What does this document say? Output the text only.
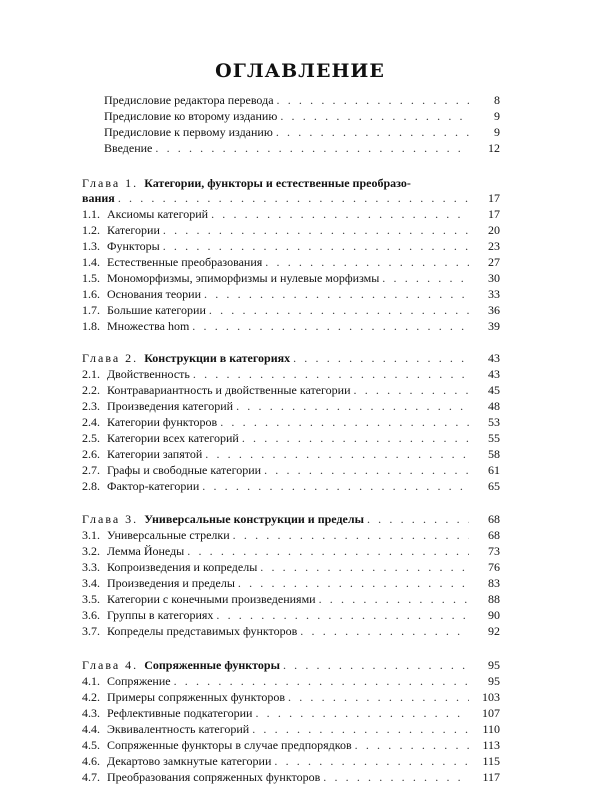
ОГЛАВЛЕНИЕ
Предисловие редактора перевода . . .	8
Предисловие ко второму изданию . . .	9
Предисловие к первому изданию . . .	9
Введение . . .	12
Глава 1. Категории, функторы и естественные преобразо-
вания . . .	17
1.1. Аксиомы категорий . . .	17
1.2. Категории . . .	20
1.3. Функторы . . .	23
1.4. Естественные преобразования . . .	27
1.5. Мономорфизмы, эпиморфизмы и нулевые морфизмы . . .	30
1.6. Основания теории . . .	33
1.7. Большие категории . . .	36
1.8. Множества hom . . .	39
Глава 2. Конструкции в категориях . . .	43
2.1. Двойственность . . .	43
2.2. Контравариантность и двойственные категории . . .	45
2.3. Произведения категорий . . .	48
2.4. Категории функторов . . .	53
2.5. Категории всех категорий . . .	55
2.6. Категории запятой . . .	58
2.7. Графы и свободные категории . . .	61
2.8. Фактор-категории . . .	65
Глава 3. Универсальные конструкции и пределы . . .	68
3.1. Универсальные стрелки . . .	68
3.2. Лемма Йонеды . . .	73
3.3. Копроизведения и копределы . . .	76
3.4. Произведения и пределы . . .	83
3.5. Категории с конечными произведениями . . .	88
3.6. Группы в категориях . . .	90
3.7. Копределы представимых функторов . . .	92
Глава 4. Сопряженные функторы . . .	95
4.1. Сопряжение . . .	95
4.2. Примеры сопряженных функторов . . .	103
4.3. Рефлективные подкатегории . . .	107
4.4. Эквивалентность категорий . . .	110
4.5. Сопряженные функторы в случае предпорядков . . .	113
4.6. Декартово замкнутые категории . . .	115
4.7. Преобразования сопряженных функторов . . .	117
